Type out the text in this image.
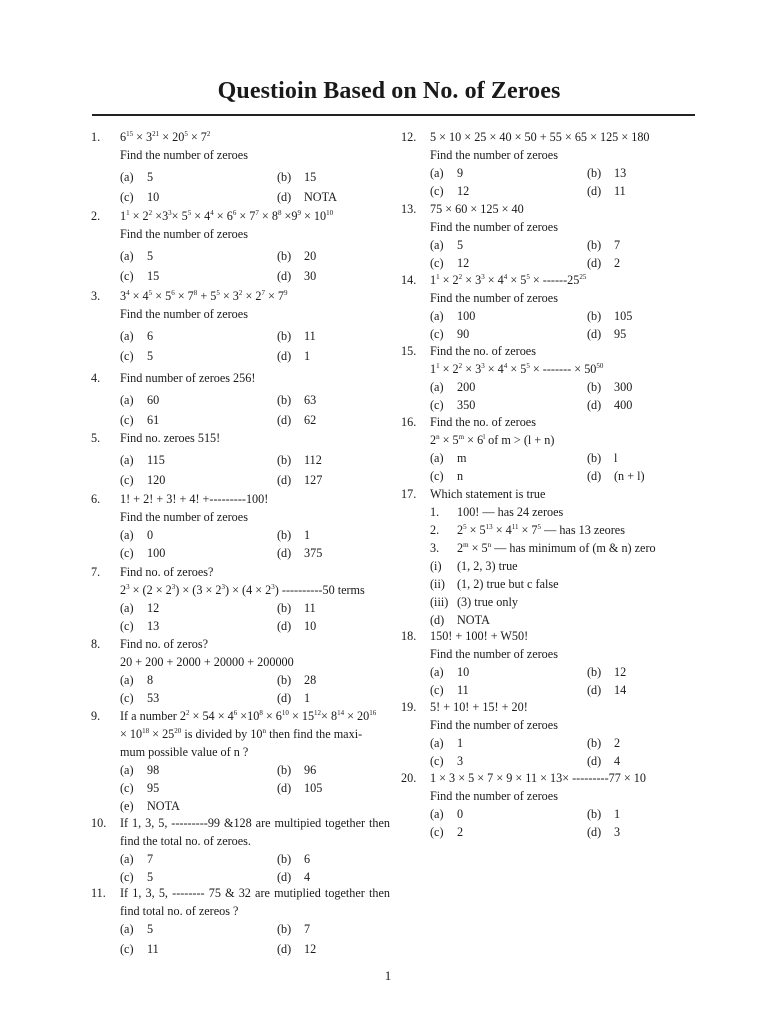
Questioin Based on No. of Zeroes
1. $6^{15} \times 3^{21} \times 20^5 \times 7^2$
Find the number of zeroes
(a) 5	(b) 15
(c) 10	(d) NOTA
2. $1^1 \times 2^2 \times 3^3\times 5^5 \times 4^4 \times 6^6 \times 7^7 \times 8^8 \times 9^9 \times 10^{10}$
Find the number of zeroes
(a) 5	(b) 20
(c) 15	(d) 30
3. $3^4 \times 4^5 \times 5^6 \times 7^8 + 5^5 \times 3^2 \times 2^7 \times 7^9$
Find the number of zeroes
(a) 6	(b) 11
(c) 5	(d) 1
4. Find number of zeroes 256!
(a) 60	(b) 63
(c) 61	(d) 62
5. Find no. zeroes 515!
(a) 115	(b) 112
(c) 120	(d) 127
6. 1! + 2! + 3! + 4! +---------100!
Find the number of zeroes
(a) 0	(b) 1
(c) 100	(d) 375
7. Find no. of zeroes?
$2^3 \times (2 \times 2^3) \times (3 \times 2^3) \times (4 \times 2^3)$ ----------50 terms
(a) 12	(b) 11
(c) 13	(d) 10
8. Find no. of zeros?
20 + 200 + 2000 + 20000 + 200000
(a) 8	(b) 28
(c) 53	(d) 1
9. If a number $2^2 \times 54 \times 4^6 \times 10^8 \times 6^{10} \times 15^{12}\times 8^{14} \times 20^{16}$
× $10^{18} \times 25^{20}$ is divided by 10$^n$ then find the maxi-
mum possible value of n ?
(a) 98	(b) 96
(c) 95	(d) 105
(e) NOTA
10. If 1, 3, 5, ---------99 &128 are multipied together then find the total no. of zeroes.
(a) 7	(b) 6
(c) 5	(d) 4
11. If 1, 3, 5, -------- 75 & 32 are mutiplied together then find total no. of zereos ?
(a) 5	(b) 7
(c) 11	(d) 12
12. 5 × 10 × 25 × 40 × 50 + 55 × 65 × 125 × 180
Find the number of zeroes
(a) 9	(b) 13
(c) 12	(d) 11
13. 75 × 60 × 125 × 40
Find the number of zeroes
(a) 5	(b) 7
(c) 12	(d) 2
14. $1^1 \times 2^2 \times 3^3 \times 4^4 \times 5^5 \times ------25^{25}$
Find the number of zeroes
(a) 100	(b) 105
(c) 90	(d) 95
15. Find the no. of zeroes
$1^1 \times 2^2 \times 3^3 \times 4^4 \times 5^5$ × ------- × $50^{50}$
(a) 200	(b) 300
(c) 350	(d) 400
16. Find the no. of zeroes
$2^n \times 5^m \times 6^l$ of m > (l + n)
(a) m	(b) l
(c) n	(d) (n + l)
17. Which statement is true
1. 100! — has 24 zeroes
2. $2^5 \times 5^{13} \times 4^{11} \times 7^5$ — has 13 zeores
3. $2^m \times 5^n$ — has minimum of (m & n) zero
(i) (1, 2, 3) true
(ii) (1, 2) true but c false
(iii) (3) true only
(d) NOTA
18. 150! + 100! + W50!
Find the number of zeroes
(a) 10	(b) 12
(c) 11	(d) 14
19. 5! + 10! + 15! + 20!
Find the number of zeroes
(a) 1	(b) 2
(c) 3	(d) 4
20. 1 × 3 × 5 × 7 × 9 × 11 × 13× ---------77 × 10
Find the number of zeroes
(a) 0	(b) 1
(c) 2	(d) 3
1
